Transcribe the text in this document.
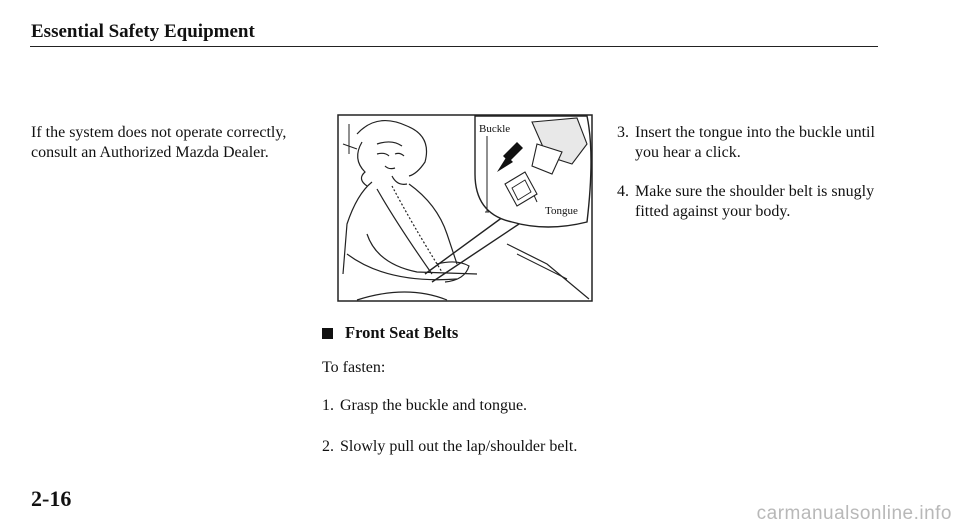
Essential Safety Equipment
If the system does not operate correctly, consult an Authorized Mazda Dealer.
Buckle
Tongue
Front Seat Belts
To fasten:
1. Grasp the buckle and tongue.
2. Slowly pull out the lap/shoulder belt.
3. Insert the tongue into the buckle until you hear a click.
4. Make sure the shoulder belt is snugly fitted against your body.
2-16
carmanualsonline.info
